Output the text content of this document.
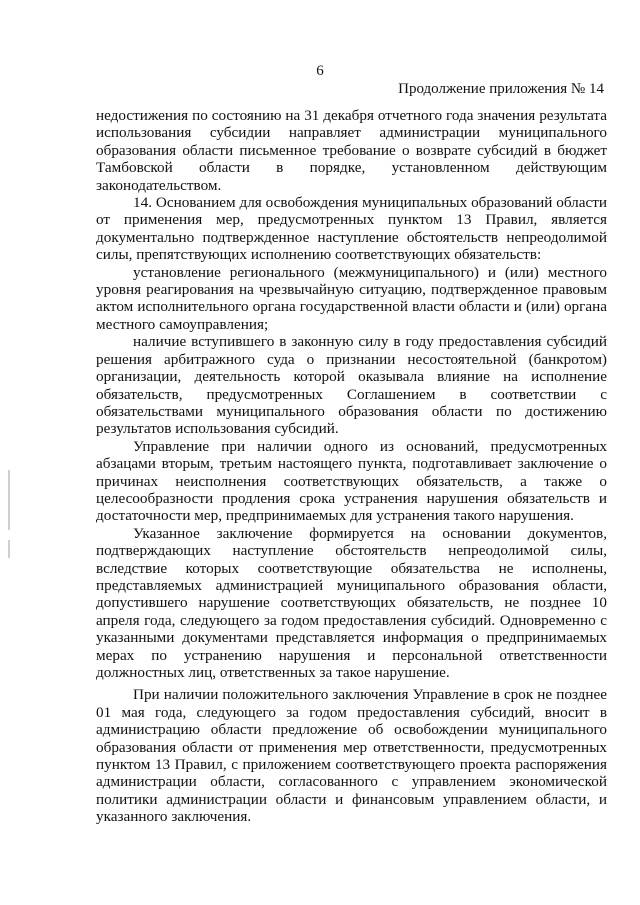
6
Продолжение приложения № 14

недостижения по состоянию на 31 декабря отчетного года значения результата использования субсидии направляет администрации муниципального образования области письменное требование о возврате субсидий в бюджет Тамбовской области в порядке, установленном действующим законодательством.

14. Основанием для освобождения муниципальных образований области от применения мер, предусмотренных пунктом 13 Правил, является документально подтвержденное наступление обстоятельств непреодолимой силы, препятствующих исполнению соответствующих обязательств:

установление регионального (межмуниципального) и (или) местного уровня реагирования на чрезвычайную ситуацию, подтвержденное правовым актом исполнительного органа государственной власти области и (или) органа местного самоуправления;

наличие вступившего в законную силу в году предоставления субсидий решения арбитражного суда о признании несостоятельной (банкротом) организации, деятельность которой оказывала влияние на исполнение обязательств, предусмотренных Соглашением в соответствии с обязательствами муниципального образования области по достижению результатов использования субсидий.

Управление при наличии одного из оснований, предусмотренных абзацами вторым, третьим настоящего пункта, подготавливает заключение о причинах неисполнения соответствующих обязательств, а также о целесообразности продления срока устранения нарушения обязательств и достаточности мер, предпринимаемых для устранения такого нарушения.

Указанное заключение формируется на основании документов, подтверждающих наступление обстоятельств непреодолимой силы, вследствие которых соответствующие обязательства не исполнены, представляемых администрацией муниципального образования области, допустившего нарушение соответствующих обязательств, не позднее 10 апреля года, следующего за годом предоставления субсидий. Одновременно с указанными документами представляется информация о предпринимаемых мерах по устранению нарушения и персональной ответственности должностных лиц, ответственных за такое нарушение.

При наличии положительного заключения Управление в срок не позднее 01 мая года, следующего за годом предоставления субсидий, вносит в администрацию области предложение об освобождении муниципального образования области от применения мер ответственности, предусмотренных пунктом 13 Правил, с приложением соответствующего проекта распоряжения администрации области, согласованного с управлением экономической политики администрации области и финансовым управлением области, и указанного заключения.
